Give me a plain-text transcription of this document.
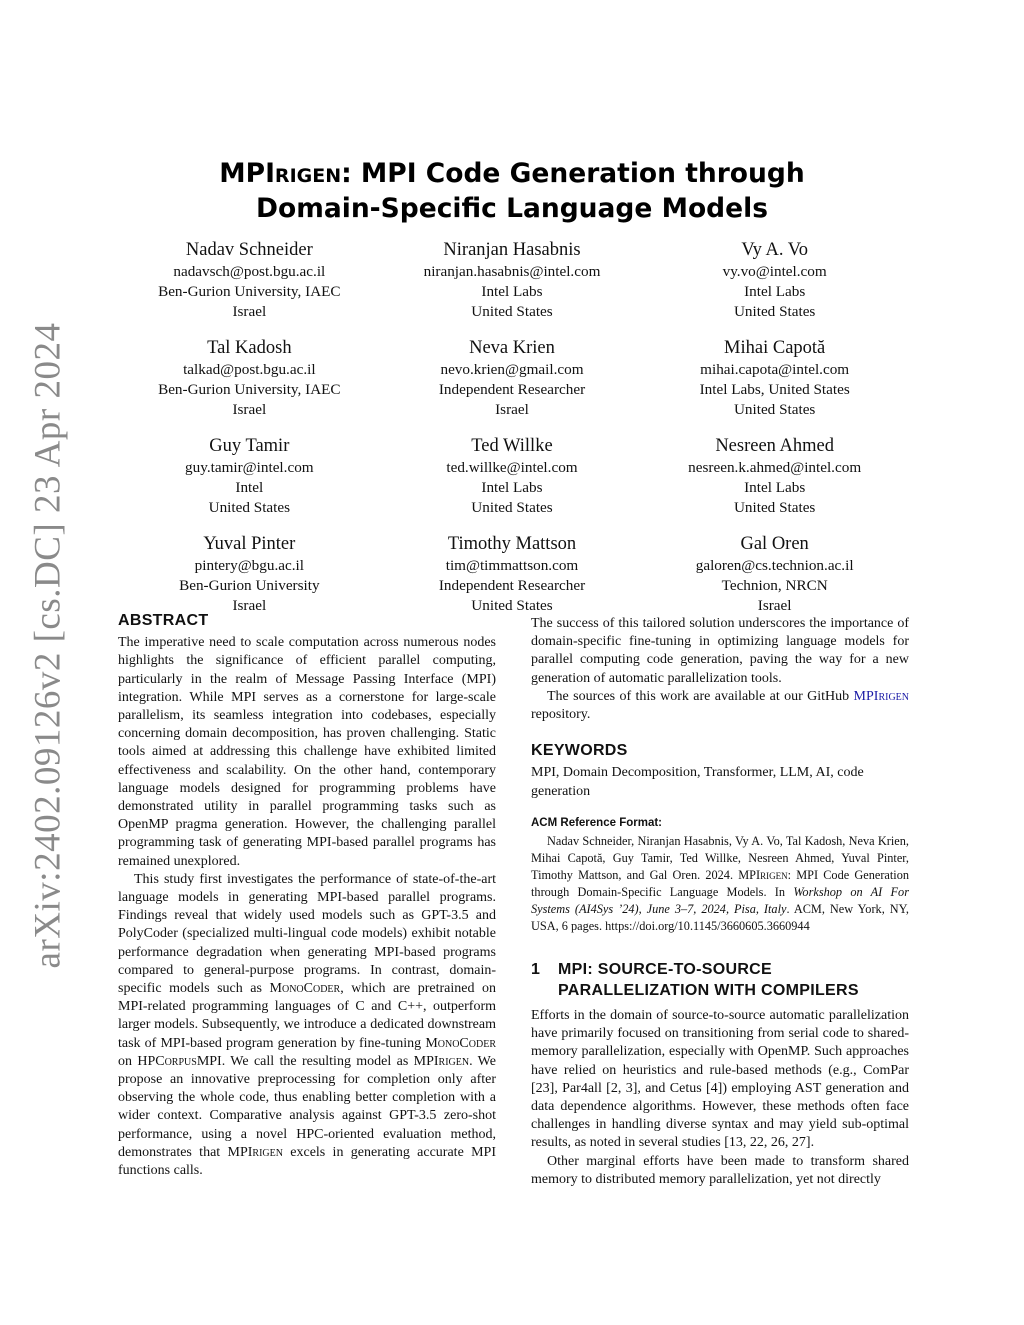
arXiv:2402.09126v2 [cs.DC] 23 Apr 2024
MPIrigen: MPI Code Generation through
Domain-Specific Language Models
Nadav Schneider
nadavsch@post.bgu.ac.il
Ben-Gurion University, IAEC
Israel
Niranjan Hasabnis
niranjan.hasabnis@intel.com
Intel Labs
United States
Vy A. Vo
vy.vo@intel.com
Intel Labs
United States
Tal Kadosh
talkad@post.bgu.ac.il
Ben-Gurion University, IAEC
Israel
Neva Krien
nevo.krien@gmail.com
Independent Researcher
Israel
Mihai Capotă
mihai.capota@intel.com
Intel Labs, United States
United States
Guy Tamir
guy.tamir@intel.com
Intel
United States
Ted Willke
ted.willke@intel.com
Intel Labs
United States
Nesreen Ahmed
nesreen.k.ahmed@intel.com
Intel Labs
United States
Yuval Pinter
pintery@bgu.ac.il
Ben-Gurion University
Israel
Timothy Mattson
tim@timmattson.com
Independent Researcher
United States
Gal Oren
galoren@cs.technion.ac.il
Technion, NRCN
Israel
ABSTRACT

The imperative need to scale computation across numerous nodes highlights the significance of efficient parallel computing, particularly in the realm of Message Passing Interface (MPI) integration. While MPI serves as a cornerstone for large-scale parallelism, its seamless integration into codebases, especially concerning domain decomposition, has proven challenging. Static tools aimed at addressing this challenge have exhibited limited effectiveness and scalability. On the other hand, contemporary language models designed for programming problems have demonstrated utility in parallel programming tasks such as OpenMP pragma generation. However, the challenging parallel programming task of generating MPI-based parallel programs has remained unexplored.

This study first investigates the performance of state-of-the-art language models in generating MPI-based parallel programs. Findings reveal that widely used models such as GPT-3.5 and PolyCoder (specialized multi-lingual code models) exhibit notable performance degradation when generating MPI-based programs compared to general-purpose programs. In contrast, domain-specific models such as MonoCoder, which are pretrained on MPI-related programming languages of C and C++, outperform larger models. Subsequently, we introduce a dedicated downstream task of MPI-based program generation by fine-tuning MonoCoder on HPCorpusMPI. We call the resulting model as MPIrigen. We propose an innovative preprocessing for completion only after observing the whole code, thus enabling better completion with a wider context. Comparative analysis against GPT-3.5 zero-shot performance, using a novel HPC-oriented evaluation method, demonstrates that MPIrigen excels in generating accurate MPI functions calls.

The success of this tailored solution underscores the importance of domain-specific fine-tuning in optimizing language models for parallel computing code generation, paving the way for a new generation of automatic parallelization tools.

The sources of this work are available at our GitHub MPIrigen repository.

KEYWORDS

MPI, Domain Decomposition, Transformer, LLM, AI, code generation

ACM Reference Format:

Nadav Schneider, Niranjan Hasabnis, Vy A. Vo, Tal Kadosh, Neva Krien, Mihai Capotă, Guy Tamir, Ted Willke, Nesreen Ahmed, Yuval Pinter, Timothy Mattson, and Gal Oren. 2024. MPIrigen: MPI Code Generation through Domain-Specific Language Models. In Workshop on AI For Systems (AI4Sys ’24), June 3–7, 2024, Pisa, Italy. ACM, New York, NY, USA, 6 pages. https://doi.org/10.1145/3660605.3660944

1	MPI: SOURCE-TO-SOURCE PARALLELIZATION WITH COMPILERS

Efforts in the domain of source-to-source automatic parallelization have primarily focused on transitioning from serial code to shared-memory parallelization, especially with OpenMP. Such approaches have relied on heuristics and rule-based methods (e.g., ComPar [23], Par4all [2, 3], and Cetus [4]) employing AST generation and data dependence algorithms. However, these methods often face challenges in handling diverse syntax and may yield sub-optimal results, as noted in several studies [13, 22, 26, 27].

Other marginal efforts have been made to transform shared memory to distributed memory parallelization, yet not directly
